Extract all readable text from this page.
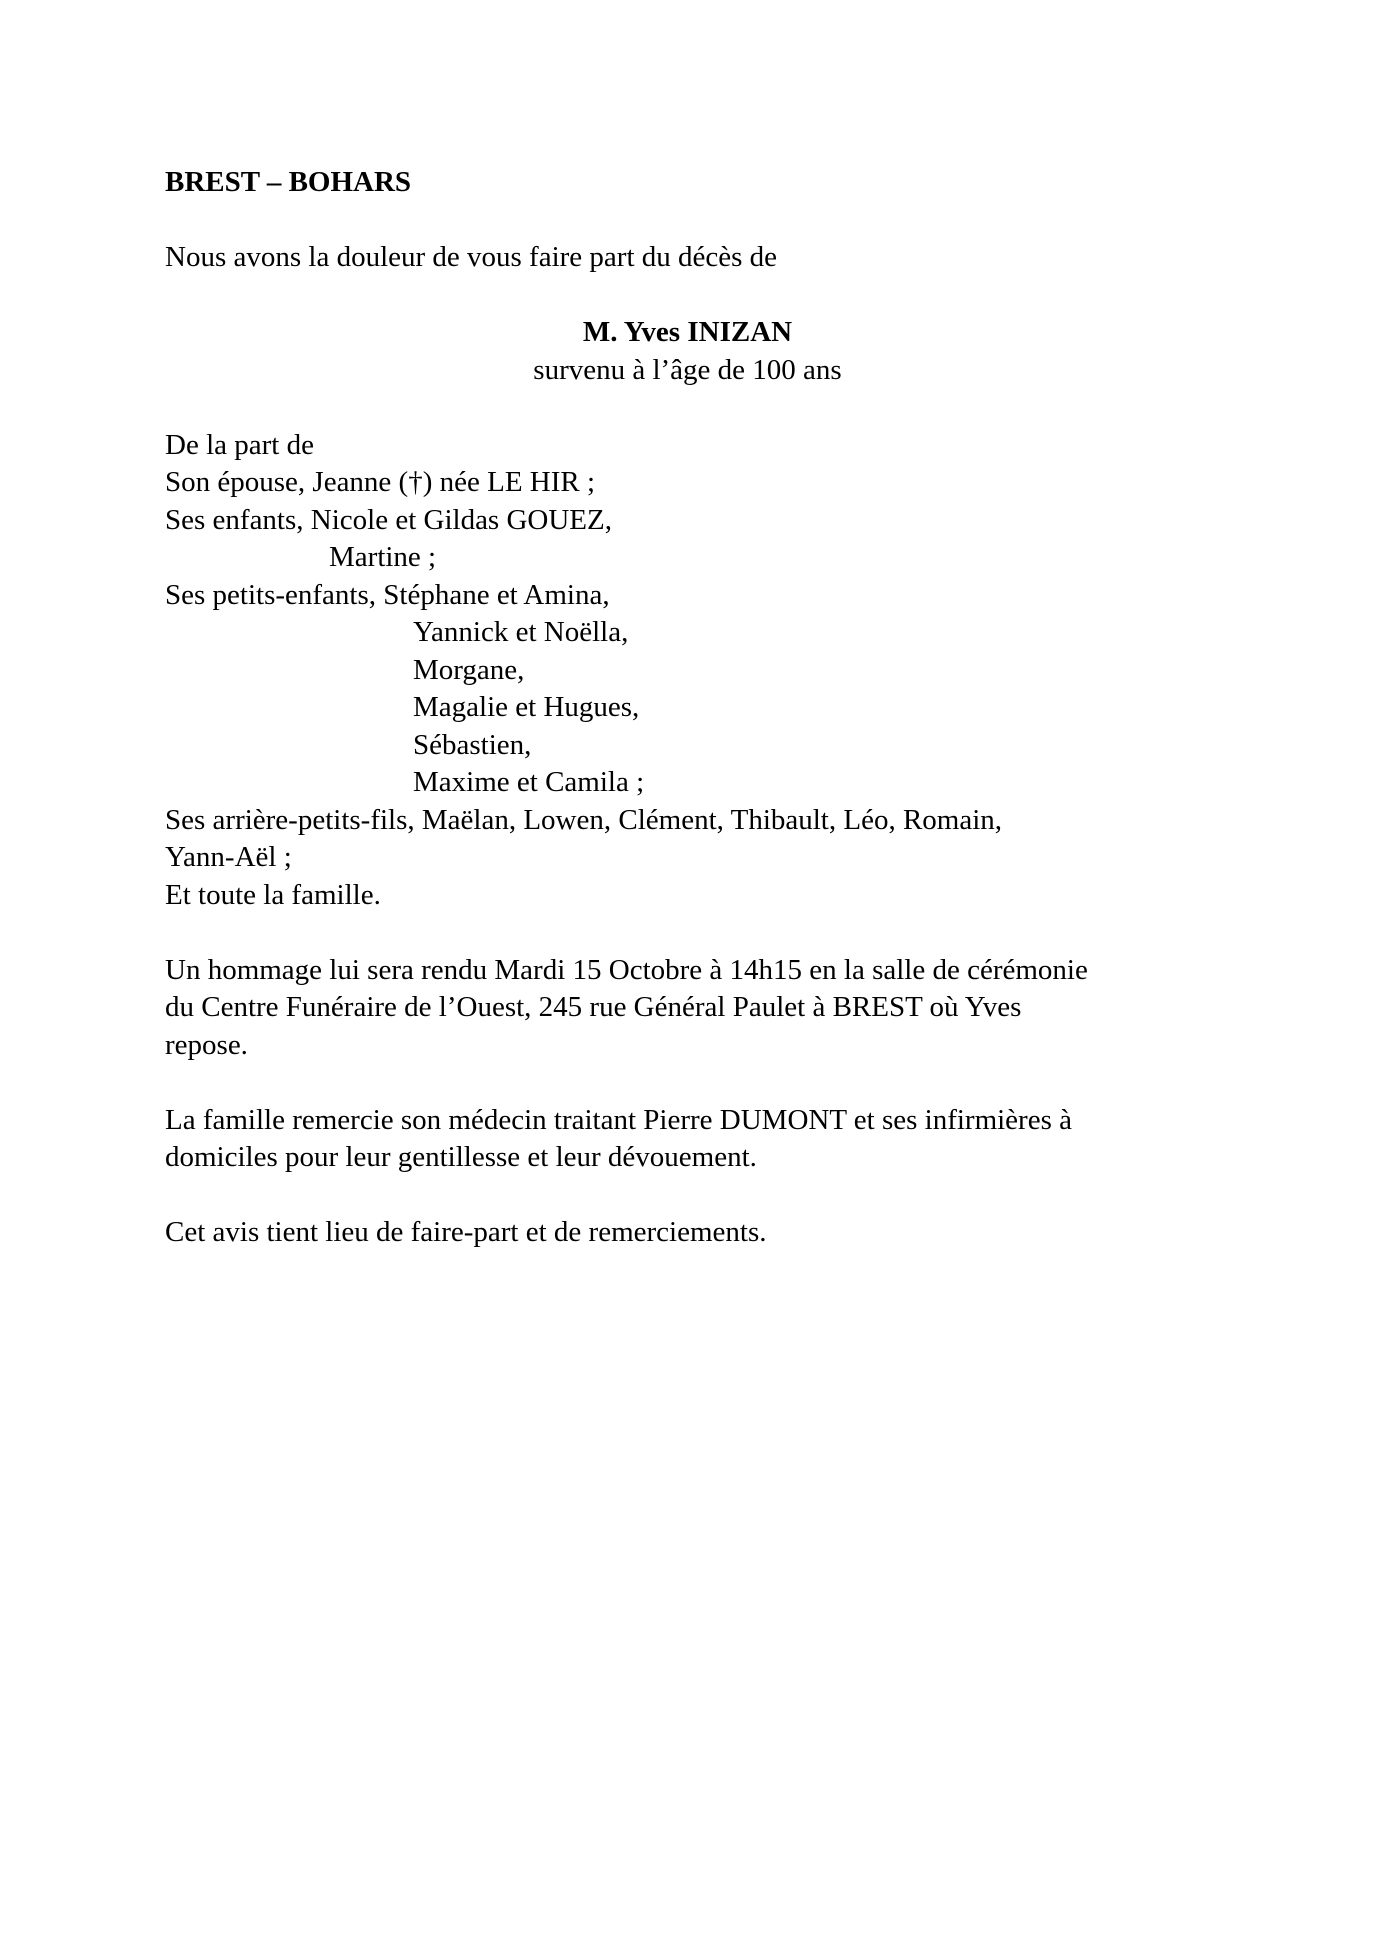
BREST – BOHARS
Nous avons la douleur de vous faire part du décès de
M. Yves INIZAN
survenu à l’âge de 100 ans
De la part de
Son épouse, Jeanne (†) née LE HIR ;
Ses enfants, Nicole et Gildas GOUEZ,
Martine ;
Ses petits-enfants, Stéphane et Amina,
Yannick et Noëlla,
Morgane,
Magalie et Hugues,
Sébastien,
Maxime et Camila ;
Ses arrière-petits-fils, Maëlan, Lowen, Clément, Thibault, Léo, Romain,
Yann-Aël ;
Et toute la famille.
Un hommage lui sera rendu Mardi 15 Octobre à 14h15 en la salle de cérémonie
du Centre Funéraire de l’Ouest, 245 rue Général Paulet à BREST où Yves
repose.
La famille remercie son médecin traitant Pierre DUMONT et ses infirmières à
domiciles pour leur gentillesse et leur dévouement.
Cet avis tient lieu de faire-part et de remerciements.
